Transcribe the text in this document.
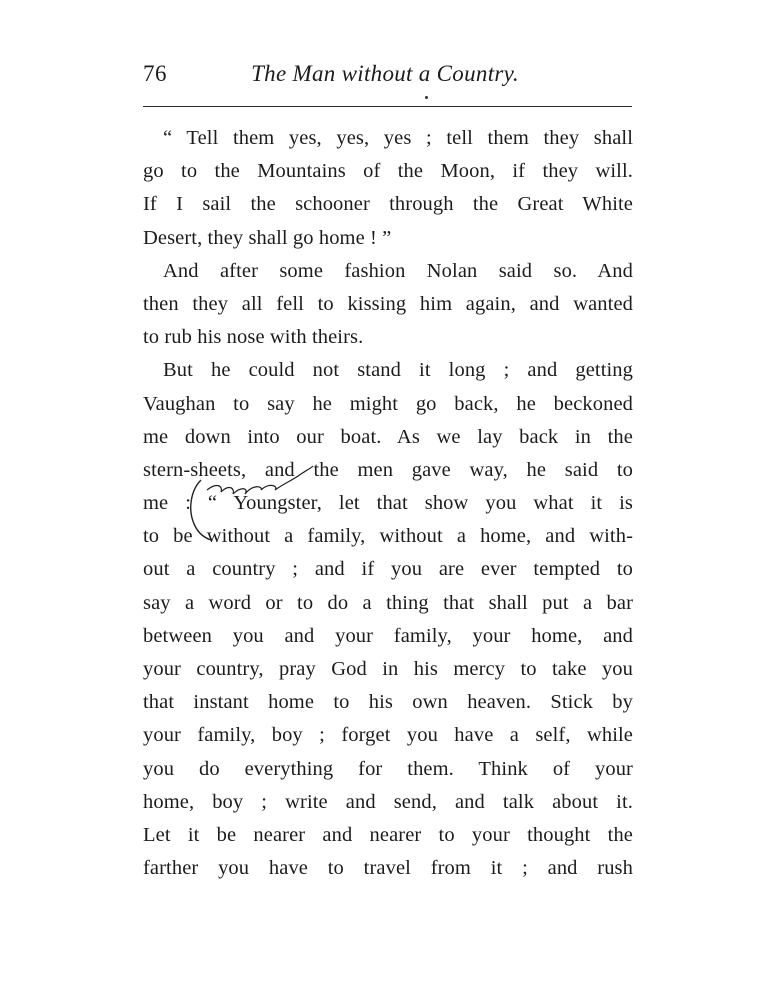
76	The Man without a Country.
“ Tell them yes, yes, yes ; tell them they shall
go to the Mountains of the Moon, if they will.
If I sail the schooner through the Great White
Desert, they shall go home ! ”
And after some fashion Nolan said so. And
then they all fell to kissing him again, and wanted
to rub his nose with theirs.
But he could not stand it long ; and getting
Vaughan to say he might go back, he beckoned
me down into our boat. As we lay back in the
stern-sheets, and the men gave way, he said to
me : “ Youngster, let that show you what it is
to be without a family, without a home, and with-
out a country ; and if you are ever tempted to
say a word or to do a thing that shall put a bar
between you and your family, your home, and
your country, pray God in his mercy to take you
that instant home to his own heaven. Stick by
your family, boy ; forget you have a self, while
you do everything for them. Think of your
home, boy ; write and send, and talk about it.
Let it be nearer and nearer to your thought the
farther you have to travel from it ; and rush
